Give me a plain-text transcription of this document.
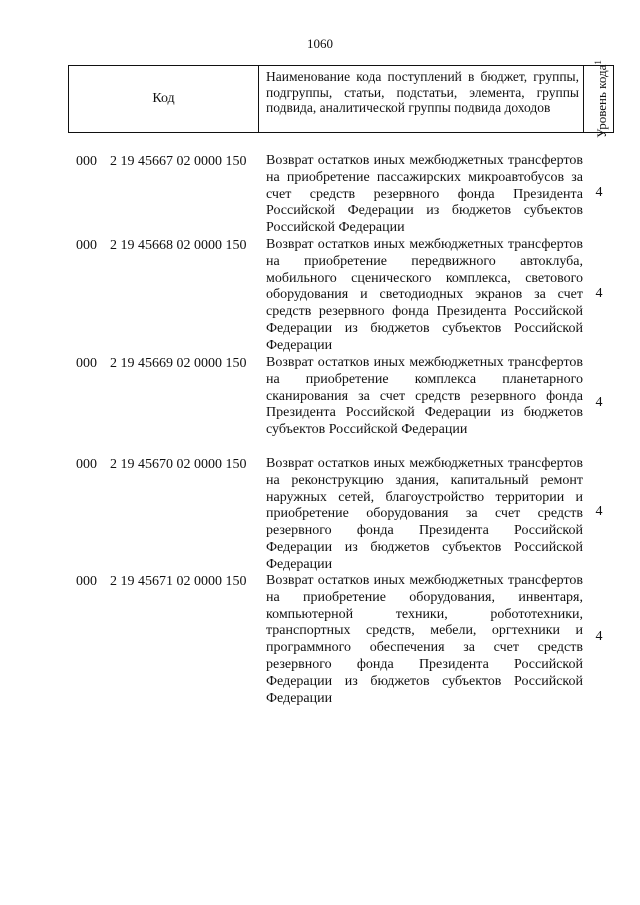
1060
Код
Наименование кода поступлений в бюджет, группы, подгруппы, статьи, подстатьи, элемента, группы подвида, аналитической группы подвида доходов	Уровень кода$^1$
000 2 19 45667 02 0000 150 Возврат остатков иных межбюджетных трансфертов на приобретение пассажирских микроавтобусов за счет средств резервного фонда Президента Российской Федерации из бюджетов субъектов Российской Федерации
4
000 2 19 45668 02 0000 150 Возврат остатков иных межбюджетных трансфертов на приобретение передвижного автоклуба, мобильного сценического комплекса, светового оборудования и светодиодных экранов за счет средств резервного фонда Президента Российской Федерации из бюджетов субъектов Российской Федерации
4
000 2 19 45669 02 0000 150 Возврат остатков иных межбюджетных трансфертов на приобретение комплекса планетарного сканирования за счет средств резервного фонда Президента Российской Федерации из бюджетов субъектов Российской Федерации
4
000 2 19 45670 02 0000 150 Возврат остатков иных межбюджетных трансфертов на реконструкцию здания, капитальный ремонт наружных сетей, благоустройство территории и приобретение оборудования за счет средств резервного фонда Президента Российской Федерации из бюджетов субъектов Российской Федерации
4
000 2 19 45671 02 0000 150 Возврат остатков иных межбюджетных трансфертов на приобретение оборудования, инвентаря, компьютерной техники, робототехники, транспортных средств, мебели, оргтехники и программного обеспечения за счет средств резервного фонда Президента Российской Федерации из бюджетов субъектов Российской Федерации
4
